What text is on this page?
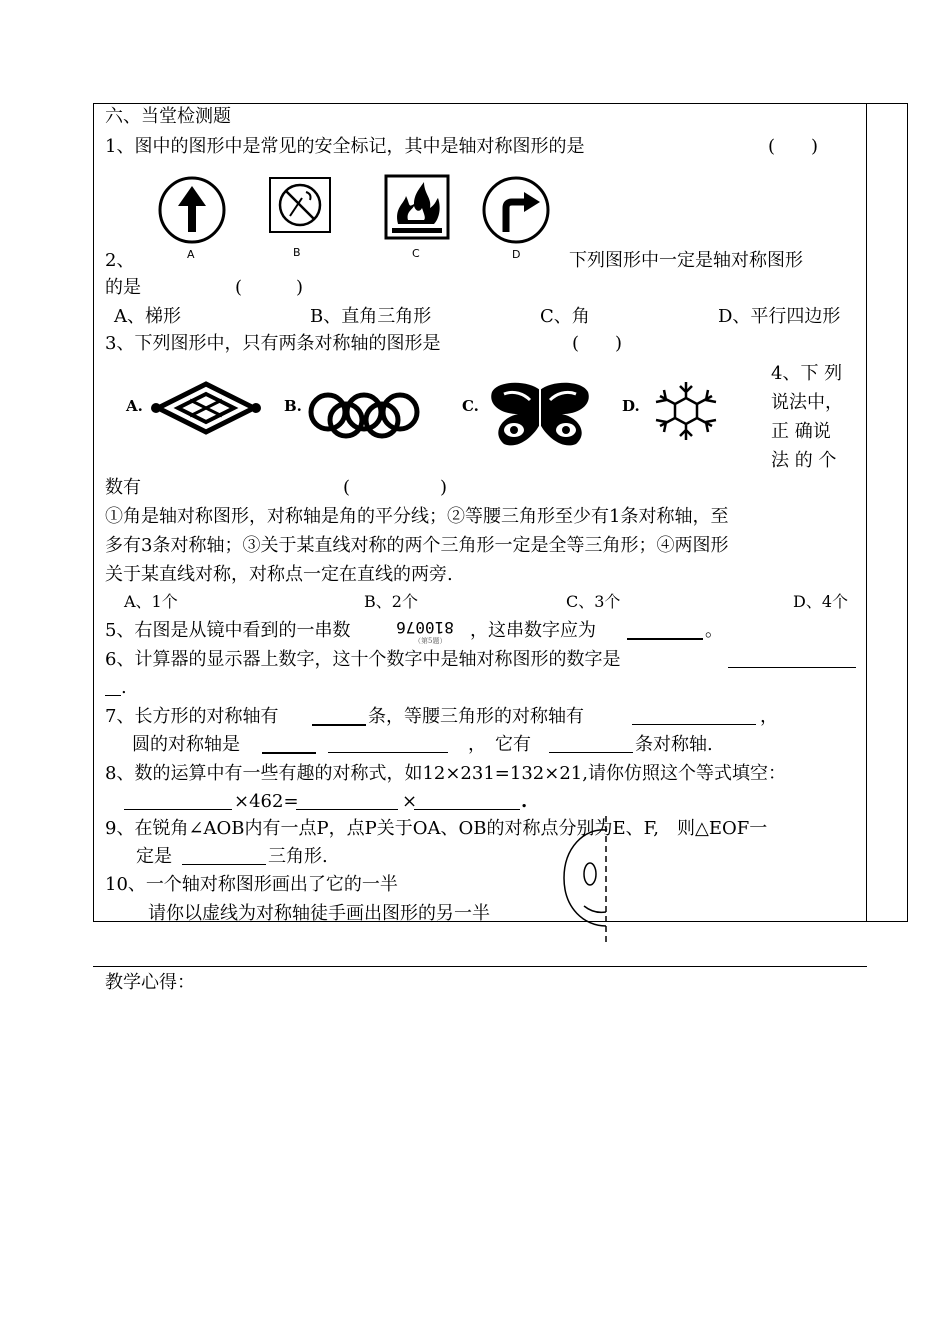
六、当堂检测题
1、图中的图形中是常见的安全标记，其中是轴对称图形的是	(　　)
A	B	C	D
2、	下列图形中一定是轴对称图形
的是	(　　　)
A、梯形	B、直角三角形	C、角	D、平行四边形
3、下列图形中，只有两条对称轴的图形是	(　　)
A.	B.	C.	D.
4、下 列
说法中，
正 确说
法 的 个
数有	(　　　　　)
①角是轴对称图形，对称轴是角的平分线；②等腰三角形至少有1条对称轴，至
多有3条对称轴；③关于某直线对称的两个三角形一定是全等三角形；④两图形
关于某直线对称，对称点一定在直线的两旁.
A、1个	B、2个	C、3个	D、4个
5、右图是从镜中看到的一串数	810076
（第5题） ，这串数字应为	。
6、计算器的显示器上数字，这十个数字中是轴对称图形的数字是
.
7、长方形的对称轴有	条，等腰三角形的对称轴有	，
圆的对称轴是	，　它有	条对称轴.
8、数的运算中有一些有趣的对称式，如12×231=132×21,请你仿照这个等式填空：
×462=	×	.
9、在锐角∠AOB内有一点P，点P关于OA、OB的对称点分别为E、F,　则△EOF一
定是	三角形.
10、一个轴对称图形画出了它的一半
请你以虚线为对称轴徒手画出图形的另一半
教学心得：
